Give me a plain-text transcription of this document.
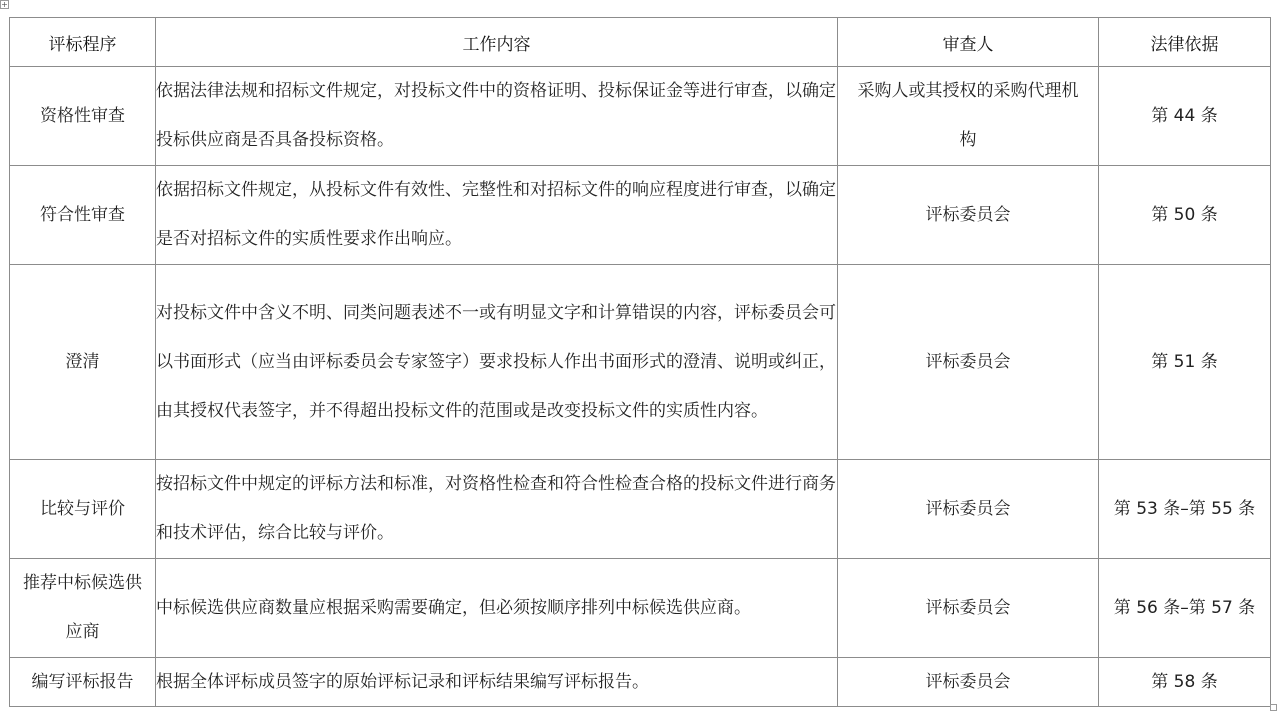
+
评标程序	工作内容	审查人	法律依据
资格性审查	依据法律法规和招标文件规定，对投标文件中的资格证明、投标保证金等进行审查，以确定投标供应商是否具备投标资格。	采购人或其授权的采购代理机构	第 44 条
符合性审查	依据招标文件规定，从投标文件有效性、完整性和对招标文件的响应程度进行审查，以确定是否对招标文件的实质性要求作出响应。	评标委员会	第 50 条
澄清	对投标文件中含义不明、同类问题表述不一或有明显文字和计算错误的内容，评标委员会可以书面形式（应当由评标委员会专家签字）要求投标人作出书面形式的澄清、说明或纠正，由其授权代表签字，并不得超出投标文件的范围或是改变投标文件的实质性内容。	评标委员会	第 51 条
比较与评价	按招标文件中规定的评标方法和标准，对资格性检查和符合性检查合格的投标文件进行商务和技术评估，综合比较与评价。	评标委员会	第 53 条–第 55 条
推荐中标候选供应商	中标候选供应商数量应根据采购需要确定，但必须按顺序排列中标候选供应商。	评标委员会	第 56 条–第 57 条
编写评标报告	根据全体评标成员签字的原始评标记录和评标结果编写评标报告。	评标委员会	第 58 条
